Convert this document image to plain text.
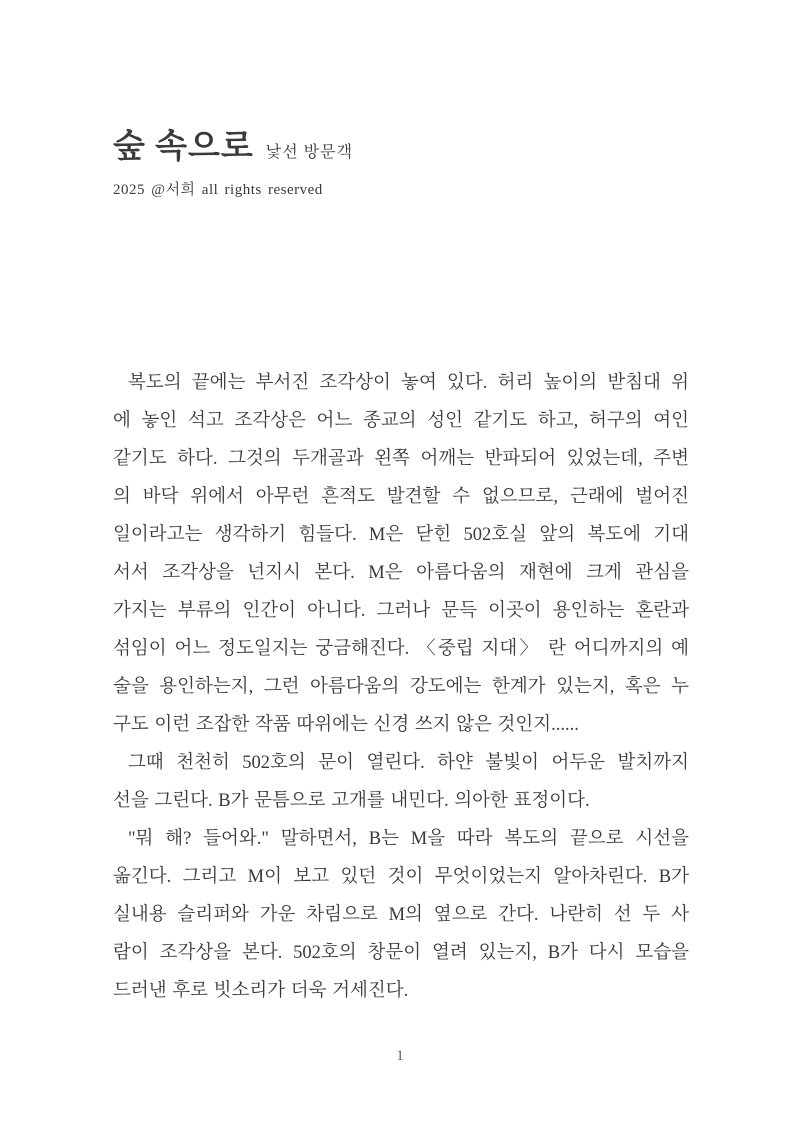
숲 속으로 낯선 방문객
2025 @서희 all rights reserved
복도의 끝에는 부서진 조각상이 놓여 있다. 허리 높이의 받침대 위
에 놓인 석고 조각상은 어느 종교의 성인 같기도 하고, 허구의 여인
같기도 하다. 그것의 두개골과 왼쪽 어깨는 반파되어 있었는데, 주변
의 바닥 위에서 아무런 흔적도 발견할 수 없으므로, 근래에 벌어진
일이라고는 생각하기 힘들다. M은 닫힌 502호실 앞의 복도에 기대
서서 조각상을 넌지시 본다. M은 아름다움의 재현에 크게 관심을
가지는 부류의 인간이 아니다. 그러나 문득 이곳이 용인하는 혼란과
섞임이 어느 정도일지는 궁금해진다. 〈중립 지대〉 란 어디까지의 예
술을 용인하는지, 그런 아름다움의 강도에는 한계가 있는지, 혹은 누
구도 이런 조잡한 작품 따위에는 신경 쓰지 않은 것인지......
그때 천천히 502호의 문이 열린다. 하얀 불빛이 어두운 발치까지
선을 그린다. B가 문틈으로 고개를 내민다. 의아한 표정이다.
"뭐 해? 들어와." 말하면서, B는 M을 따라 복도의 끝으로 시선을
옮긴다. 그리고 M이 보고 있던 것이 무엇이었는지 알아차린다. B가
실내용 슬리퍼와 가운 차림으로 M의 옆으로 간다. 나란히 선 두 사
람이 조각상을 본다. 502호의 창문이 열려 있는지, B가 다시 모습을
드러낸 후로 빗소리가 더욱 거세진다.
1
